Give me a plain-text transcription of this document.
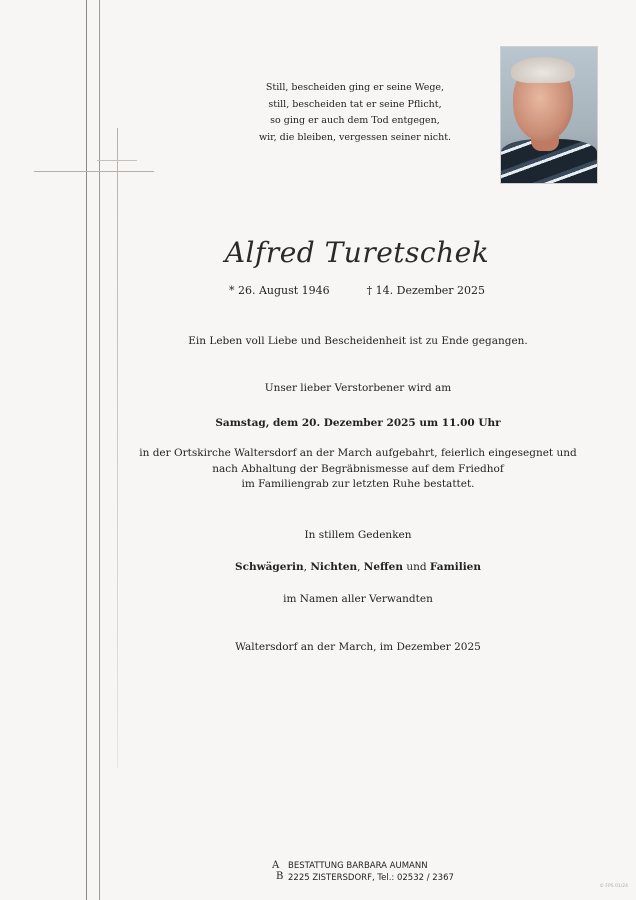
Still, bescheiden ging er seine Wege,
still, bescheiden tat er seine Pflicht,
so ging er auch dem Tod entgegen,
wir, die bleiben, vergessen seiner nicht.
Alfred Turetschek
* 26. August 1946	† 14. Dezember 2025
Ein Leben voll Liebe und Bescheidenheit ist zu Ende gegangen.
Unser lieber Verstorbener wird am
Samstag, dem 20. Dezember 2025 um 11.00 Uhr
in der Ortskirche Waltersdorf an der March aufgebahrt, feierlich eingesegnet und
nach Abhaltung der Begräbnismesse auf dem Friedhof
im Familiengrab zur letzten Ruhe bestattet.
In stillem Gedenken
Schwägerin, Nichten, Neffen und Familien
im Namen aller Verwandten
Waltersdorf an der March, im Dezember 2025
A
B
BESTATTUNG BARBARA AUMANN
2225 ZISTERSDORF, Tel.: 02532 / 2367
© FPS 01/24
